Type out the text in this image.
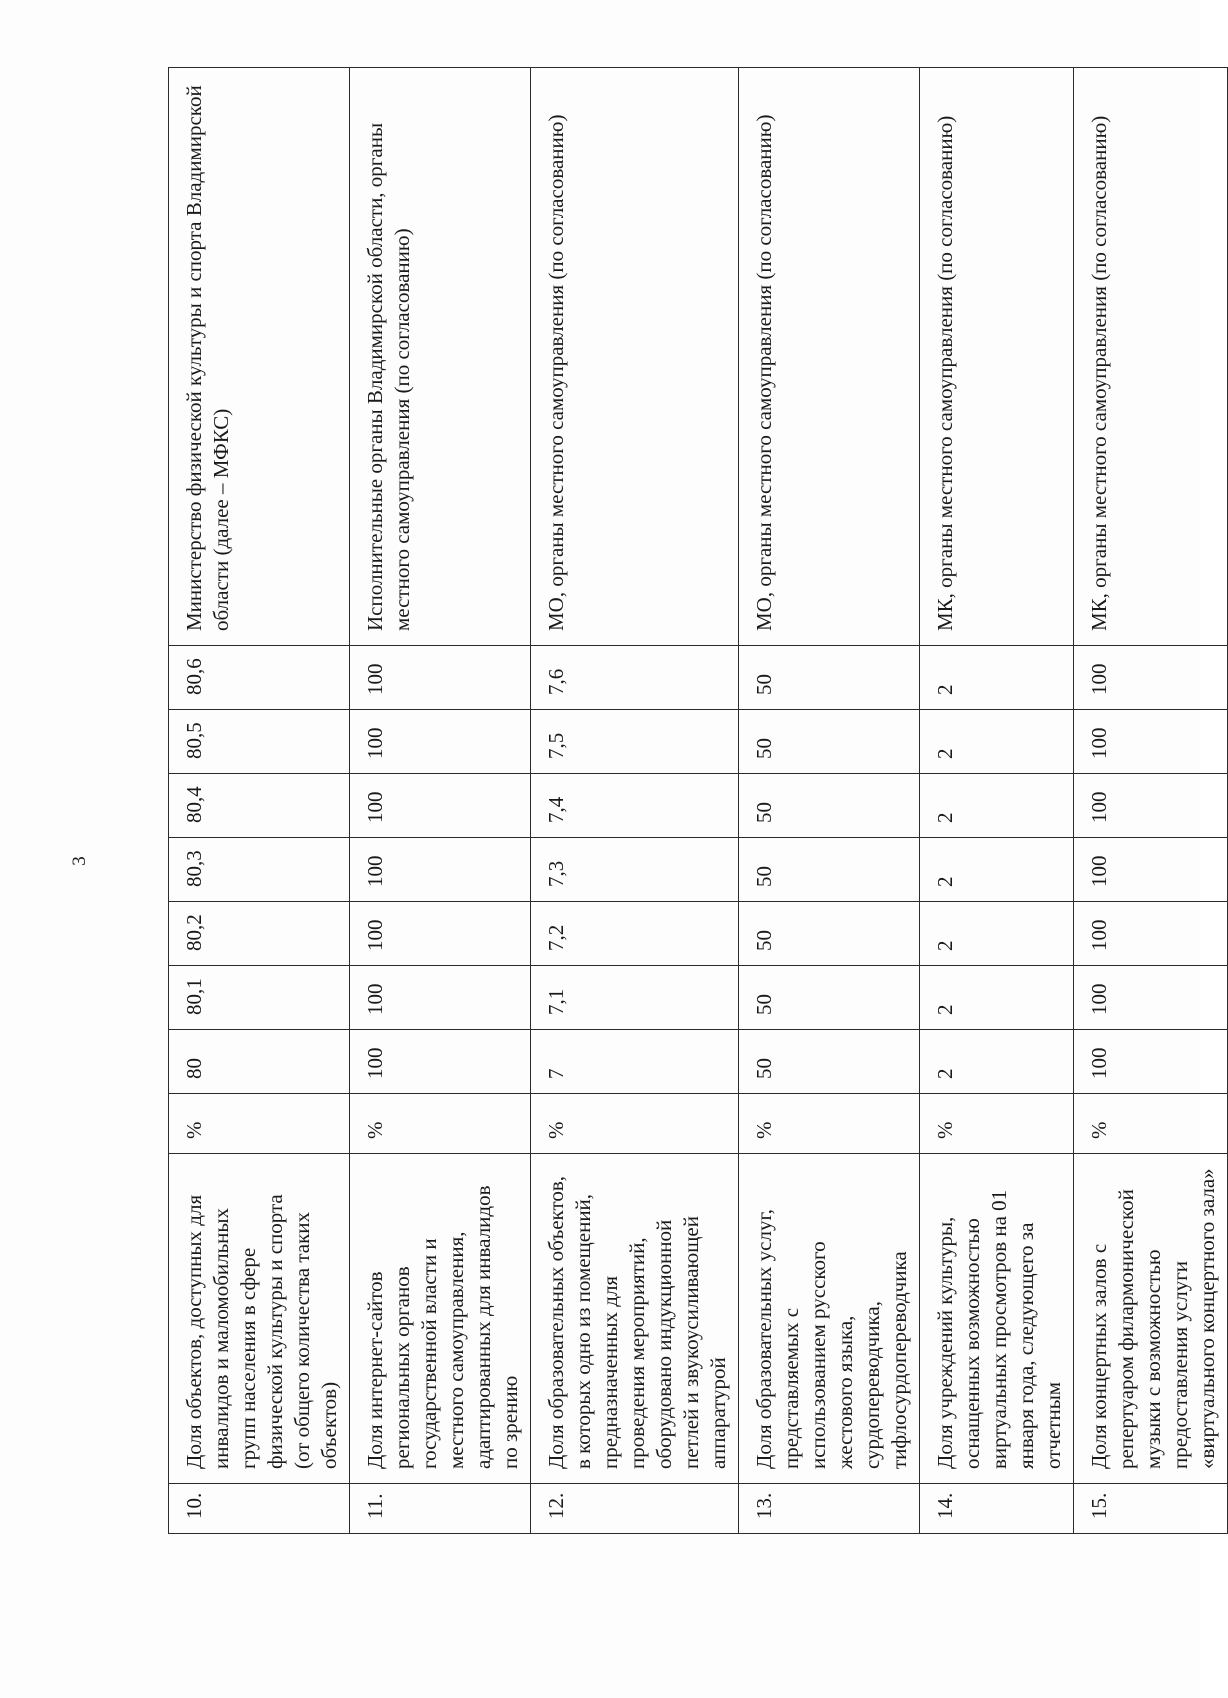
3
10.	Доля объектов, доступных для инвалидов и маломобильных групп населения в сфере физической культуры и спорта (от общего количества таких объектов)	%	80	80,1	80,2	80,3	80,4	80,5	80,6	Министерство физической культуры и спорта Владимирской области (далее – МФКС)
11.	Доля интернет-сайтов региональных органов государственной власти и местного самоуправления, адаптированных для инвалидов по зрению	%	100	100	100	100	100	100	100	Исполнительные органы Владимирской области, органы местного самоуправления (по согласованию)
12.	Доля образовательных объектов, в которых одно из помещений, предназначенных для проведения мероприятий, оборудовано индукционной петлей и звукоусиливающей аппаратурой	%	7	7,1	7,2	7,3	7,4	7,5	7,6	МО, органы местного самоуправления (по согласованию)
13.	Доля образовательных услуг, представляемых с использованием русского жестового языка, сурдопереводчика, тифлосурдопереводчика	%	50	50	50	50	50	50	50	МО, органы местного самоуправления (по согласованию)
14.	Доля учреждений культуры, оснащенных возможностью виртуальных просмотров на 01 января года, следующего за отчетным	%	2	2	2	2	2	2	2	МК, органы местного самоуправления (по согласованию)
15.	Доля концертных залов с репертуаром филармонической музыки с возможностью предоставления услуги «виртуального концертного зала»	%	100	100	100	100	100	100	100	МК, органы местного самоуправления (по согласованию)
